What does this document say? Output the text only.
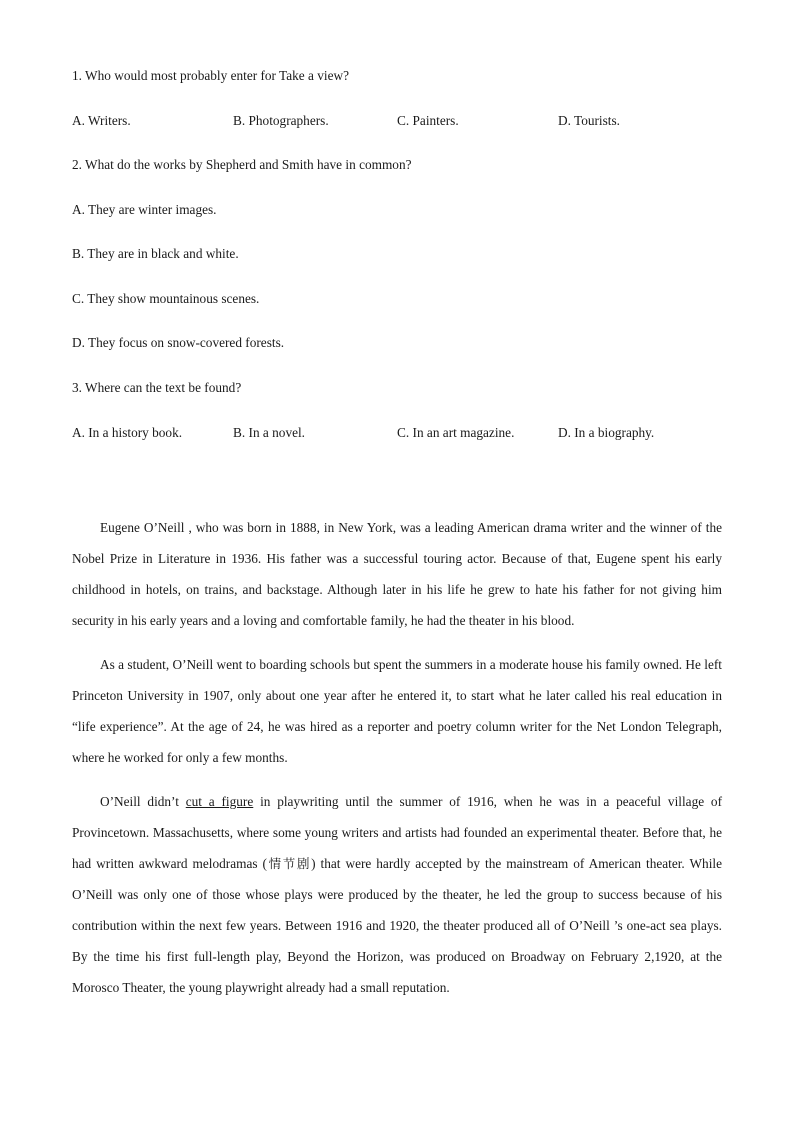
1. Who would most probably enter for Take a view?
A. Writers.	B. Photographers.	C. Painters.	D. Tourists.
2. What do the works by Shepherd and Smith have in common?
A. They are winter images.
B. They are in black and white.
C. They show mountainous scenes.
D. They focus on snow-covered forests.
3. Where can the text be found?
A. In a history book.	B. In a novel.	C. In an art magazine.	D. In a biography.

Eugene O’Neill , who was born in 1888, in New York, was a leading American drama writer and the winner of the Nobel Prize in Literature in 1936. His father was a successful touring actor. Because of that, Eugene spent his early childhood in hotels, on trains, and backstage. Although later in his life he grew to hate his father for not giving him security in his early years and a loving and comfortable family, he had the theater in his blood.

As a student, O’Neill went to boarding schools but spent the summers in a moderate house his family owned. He left Princeton University in 1907, only about one year after he entered it, to start what he later called his real education in “life experience”. At the age of 24, he was hired as a reporter and poetry column writer for the Net London Telegraph, where he worked for only a few months.

O’Neill didn’t cut a figure in playwriting until the summer of 1916, when he was in a peaceful village of Provincetown. Massachusetts, where some young writers and artists had founded an experimental theater. Before that, he had written awkward melodramas (情节剧) that were hardly accepted by the mainstream of American theater. While O’Neill was only one of those whose plays were produced by the theater, he led the group to success because of his contribution within the next few years. Between 1916 and 1920, the theater produced all of O’Neill ’s one-act sea plays. By the time his first full-length play, Beyond the Horizon, was produced on Broadway on February 2,1920, at the Morosco Theater, the young playwright already had a small reputation.
